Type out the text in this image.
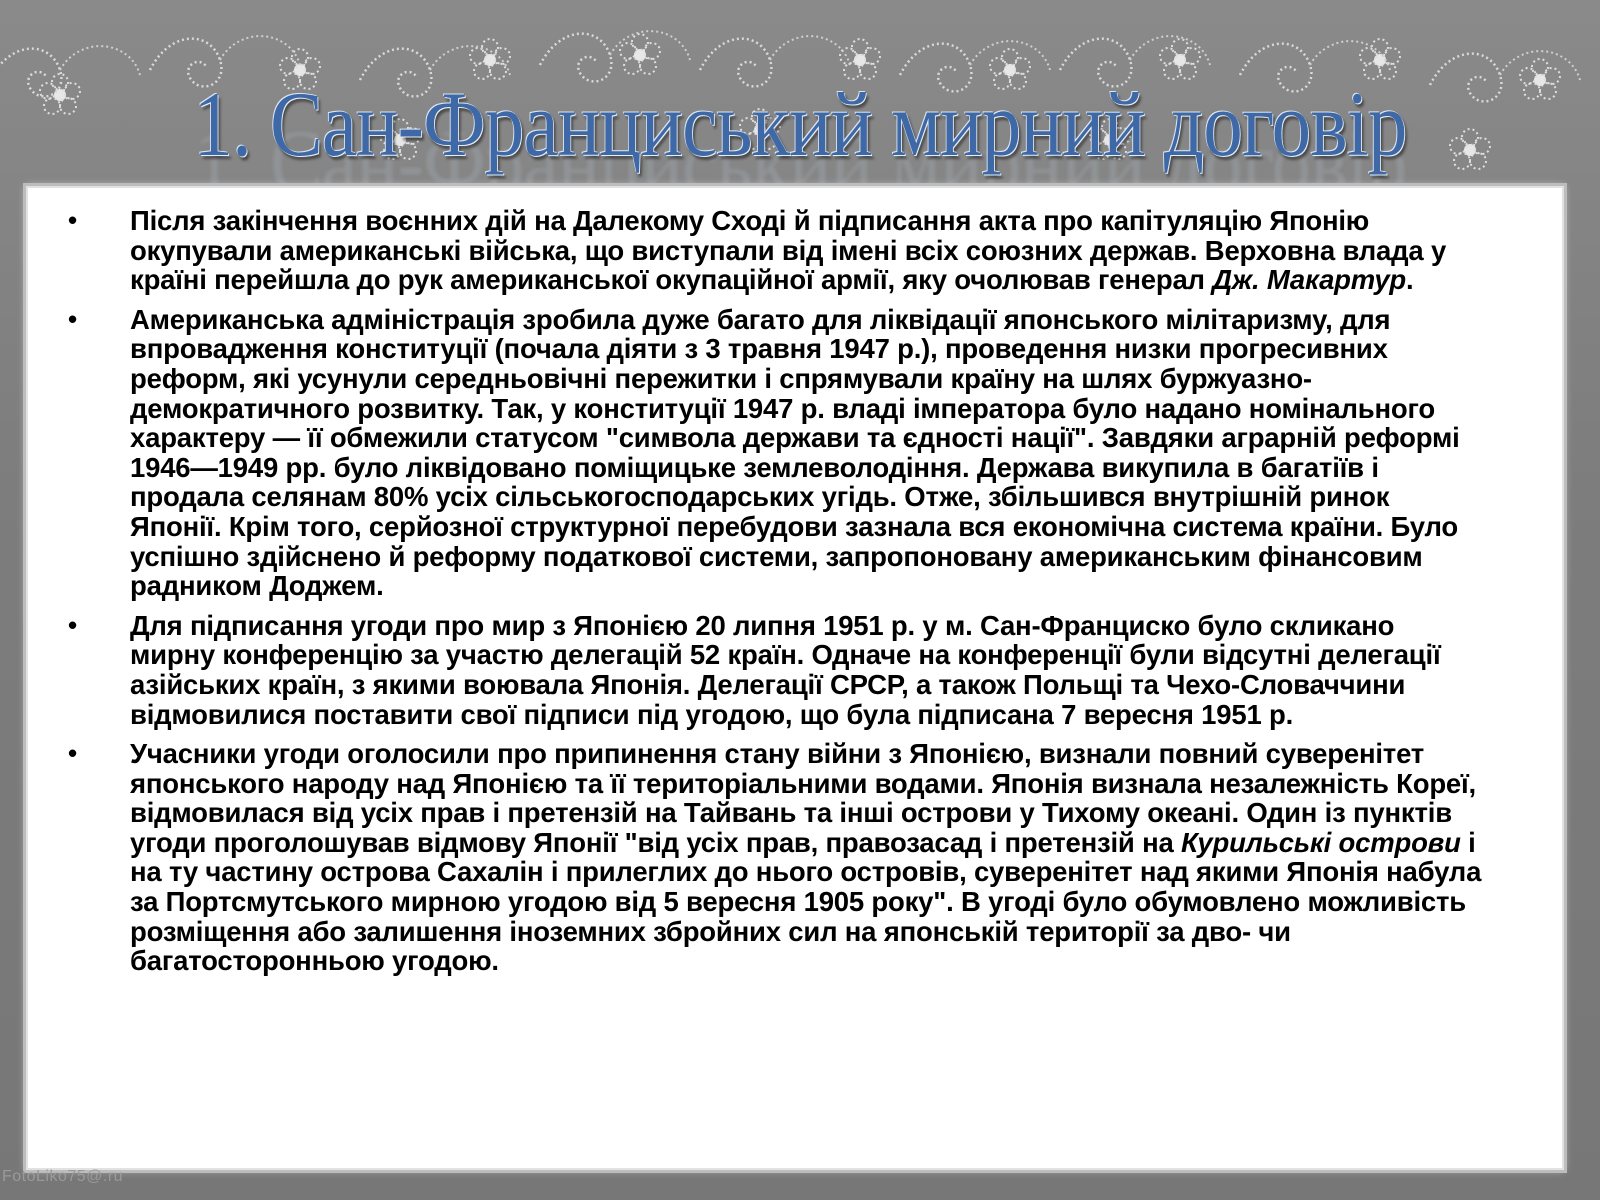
1. Сан-Франциський мирний договір
• Після закінчення воєнних дій на Далекому Сході й підписання акта про капітуляцію Японію окупували американські війська, що виступали від імені всіх союзних держав. Верховна влада у країні перейшла до рук американської окупаційної армії, яку очолював генерал Дж. Макартур.
• Американська адміністрація зробила дуже багато для ліквідації японського мілітаризму, для впровадження конституції (почала діяти з 3 травня 1947 р.), проведення низки прогресивних реформ, які усунули середньовічні пережитки і спрямували країну на шлях буржуазно-демократичного розвитку. Так, у конституції 1947 р. владі імператора було надано номінального характеру — її обмежили статусом "символа держави та єдності нації". Завдяки аграрній реформі 1946—1949 рр. було ліквідовано поміщицьке землеволодіння. Держава викупила в багатіїв і продала селянам 80% усіх сільськогосподарських угідь. Отже, збільшився внутрішній ринок Японії. Крім того, серйозної структурної перебудови зазнала вся економічна система країни. Було успішно здійснено й реформу податкової системи, запропоновану американським фінансовим радником Доджем.
• Для підписання угоди про мир з Японією 20 липня 1951 р. у м. Сан-Франциско було скликано мирну конференцію за участю делегацій 52 країн. Одначе на конференції були відсутні делегації азійських країн, з якими воювала Японія. Делегації СРСР, а також Польщі та Чехо-Словаччини відмовилися поставити свої підписи під угодою, що була підписана 7 вересня 1951 р.
• Учасники угоди оголосили про припинення стану війни з Японією, визнали повний суверенітет японського народу над Японією та її територіальними водами. Японія визнала незалежність Кореї, відмовилася від усіх прав і претензій на Тайвань та інші острови у Тихому океані. Один із пунктів угоди проголошував відмову Японії "від усіх прав, правозасад і претензій на Курильські острови і на ту частину острова Сахалін і прилеглих до нього островів, суверенітет над якими Японія набула за Портсмутського мирною угодою від 5 вересня 1905 року". В угоді було обумовлено можливість розміщення або залишення іноземних збройних сил на японській території за дво- чи багатосторонньою угодою.
FotoLiko75@.ru
